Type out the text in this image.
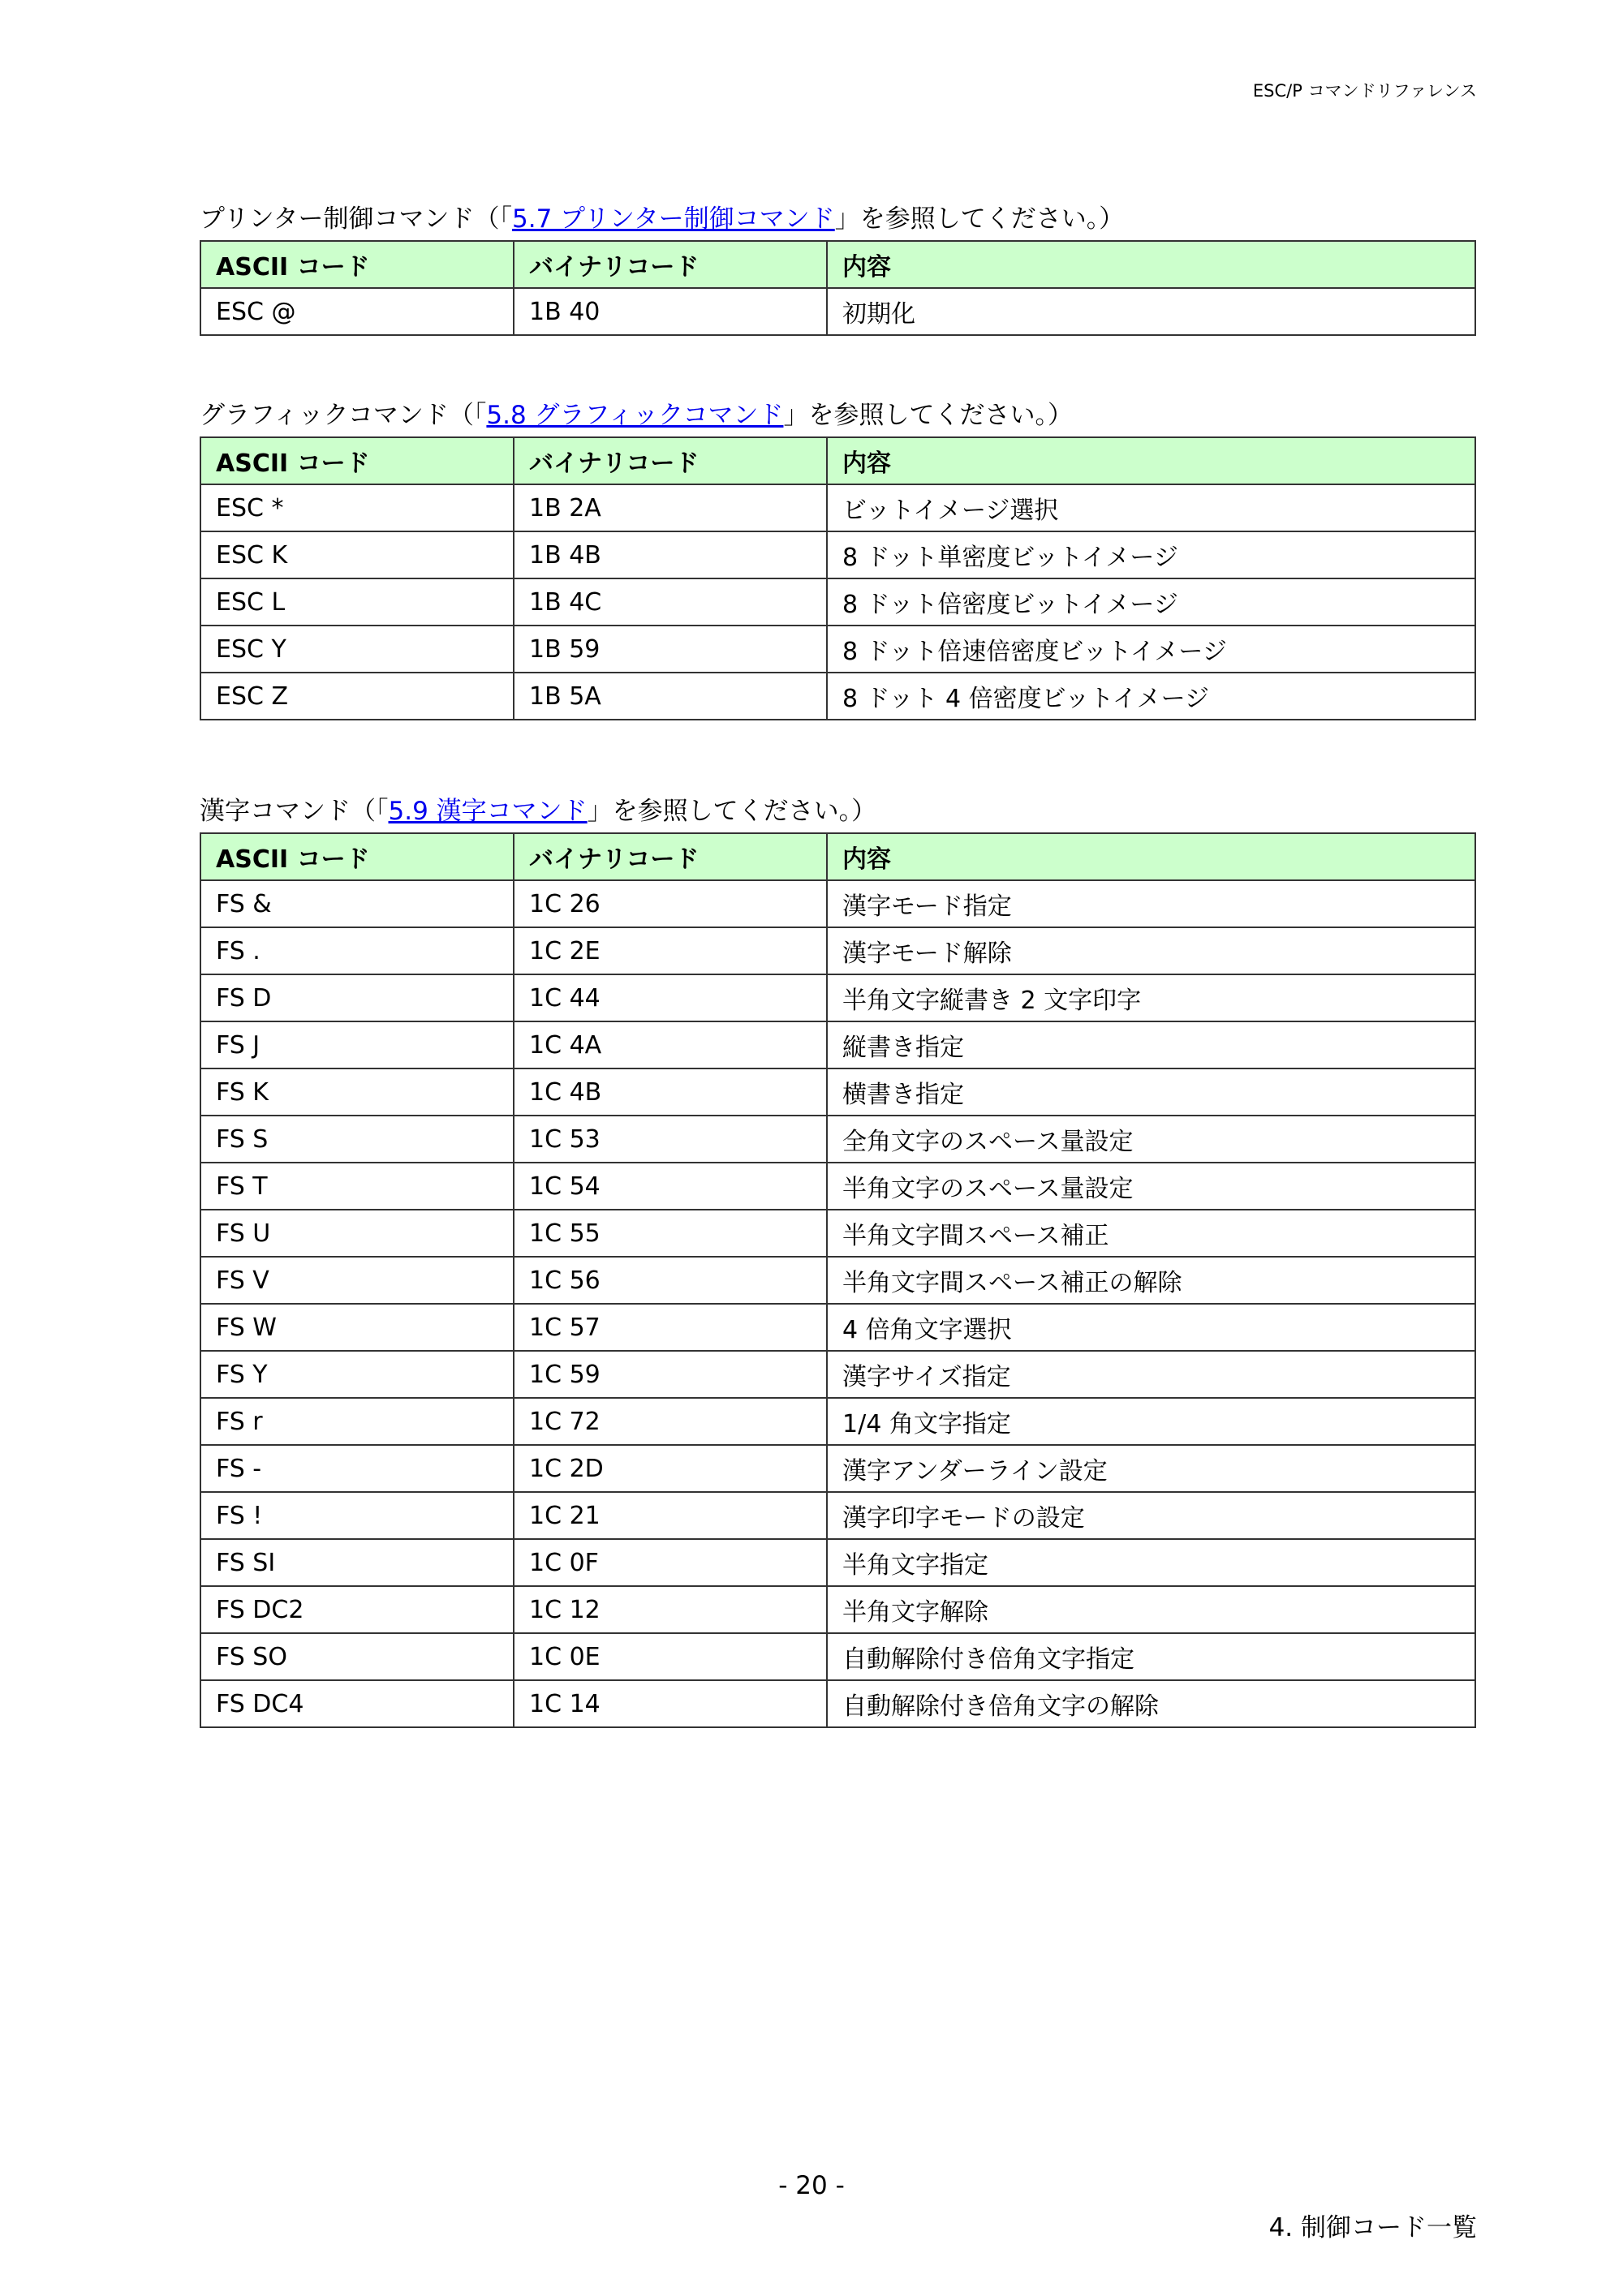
ESC/P コマンドリファレンス
プリンター制御コマンド（「5.7 プリンター制御コマンド」を参照してください。）
ASCII コード	バイナリコード	内容
ESC @	1B 40	初期化
グラフィックコマンド（「5.8 グラフィックコマンド」を参照してください。）
ASCII コード	バイナリコード	内容
ESC *	1B 2A	ビットイメージ選択
ESC K	1B 4B	8 ドット単密度ビットイメージ
ESC L	1B 4C	8 ドット倍密度ビットイメージ
ESC Y	1B 59	8 ドット倍速倍密度ビットイメージ
ESC Z	1B 5A	8 ドット 4 倍密度ビットイメージ
漢字コマンド（「5.9 漢字コマンド」を参照してください。）
ASCII コード	バイナリコード	内容
FS &	1C 26	漢字モード指定
FS .	1C 2E	漢字モード解除
FS D	1C 44	半角文字縦書き 2 文字印字
FS J	1C 4A	縦書き指定
FS K	1C 4B	横書き指定
FS S	1C 53	全角文字のスペース量設定
FS T	1C 54	半角文字のスペース量設定
FS U	1C 55	半角文字間スペース補正
FS V	1C 56	半角文字間スペース補正の解除
FS W	1C 57	4 倍角文字選択
FS Y	1C 59	漢字サイズ指定
FS r	1C 72	1/4 角文字指定
FS -	1C 2D	漢字アンダーライン設定
FS !	1C 21	漢字印字モードの設定
FS SI	1C 0F	半角文字指定
FS DC2	1C 12	半角文字解除
FS SO	1C 0E	自動解除付き倍角文字指定
FS DC4	1C 14	自動解除付き倍角文字の解除
- 20 -
4. 制御コード一覧
